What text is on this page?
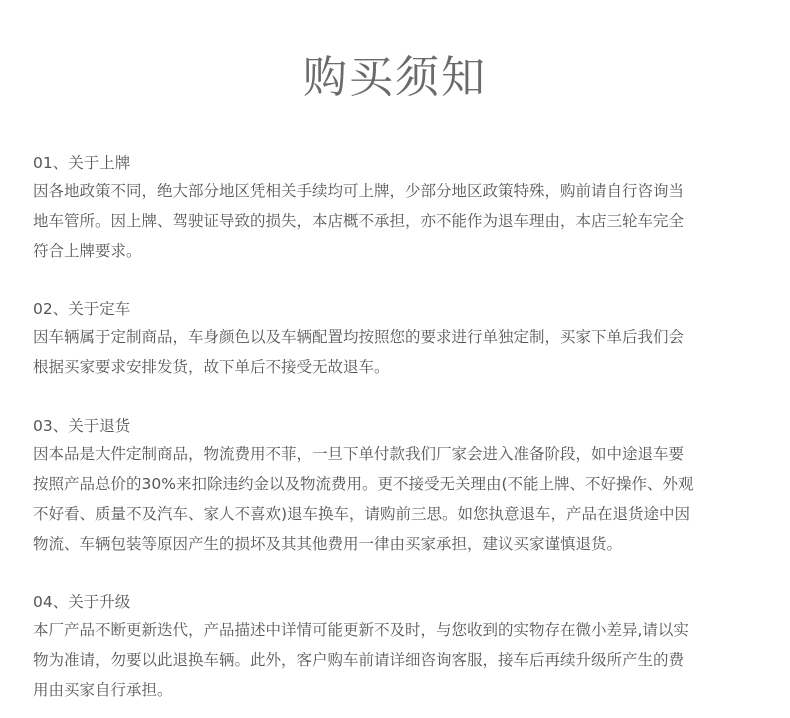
购买须知

01、关于上牌

因各地政策不同，绝大部分地区凭相关手续均可上牌，少部分地区政策特殊，购前请自行咨询当
地车管所。因上牌、驾驶证导致的损失，本店概不承担，亦不能作为退车理由，本店三轮车完全
符合上牌要求。

02、关于定车

因车辆属于定制商品，车身颜色以及车辆配置均按照您的要求进行单独定制，买家下单后我们会
根据买家要求安排发货，故下单后不接受无故退车。

03、关于退货

因本品是大件定制商品，物流费用不菲，一旦下单付款我们厂家会进入准备阶段，如中途退车要
按照产品总价的30%来扣除违约金以及物流费用。更不接受无关理由(不能上牌、不好操作、外观
不好看、质量不及汽车、家人不喜欢)退车换车，请购前三思。如您执意退车，产品在退货途中因
物流、车辆包装等原因产生的损坏及其其他费用一律由买家承担，建议买家谨慎退货。

04、关于升级

本厂产品不断更新迭代，产品描述中详情可能更新不及时，与您收到的实物存在微小差异,请以实
物为准请，勿要以此退换车辆。此外，客户购车前请详细咨询客服，接车后再续升级所产生的费
用由买家自行承担。
